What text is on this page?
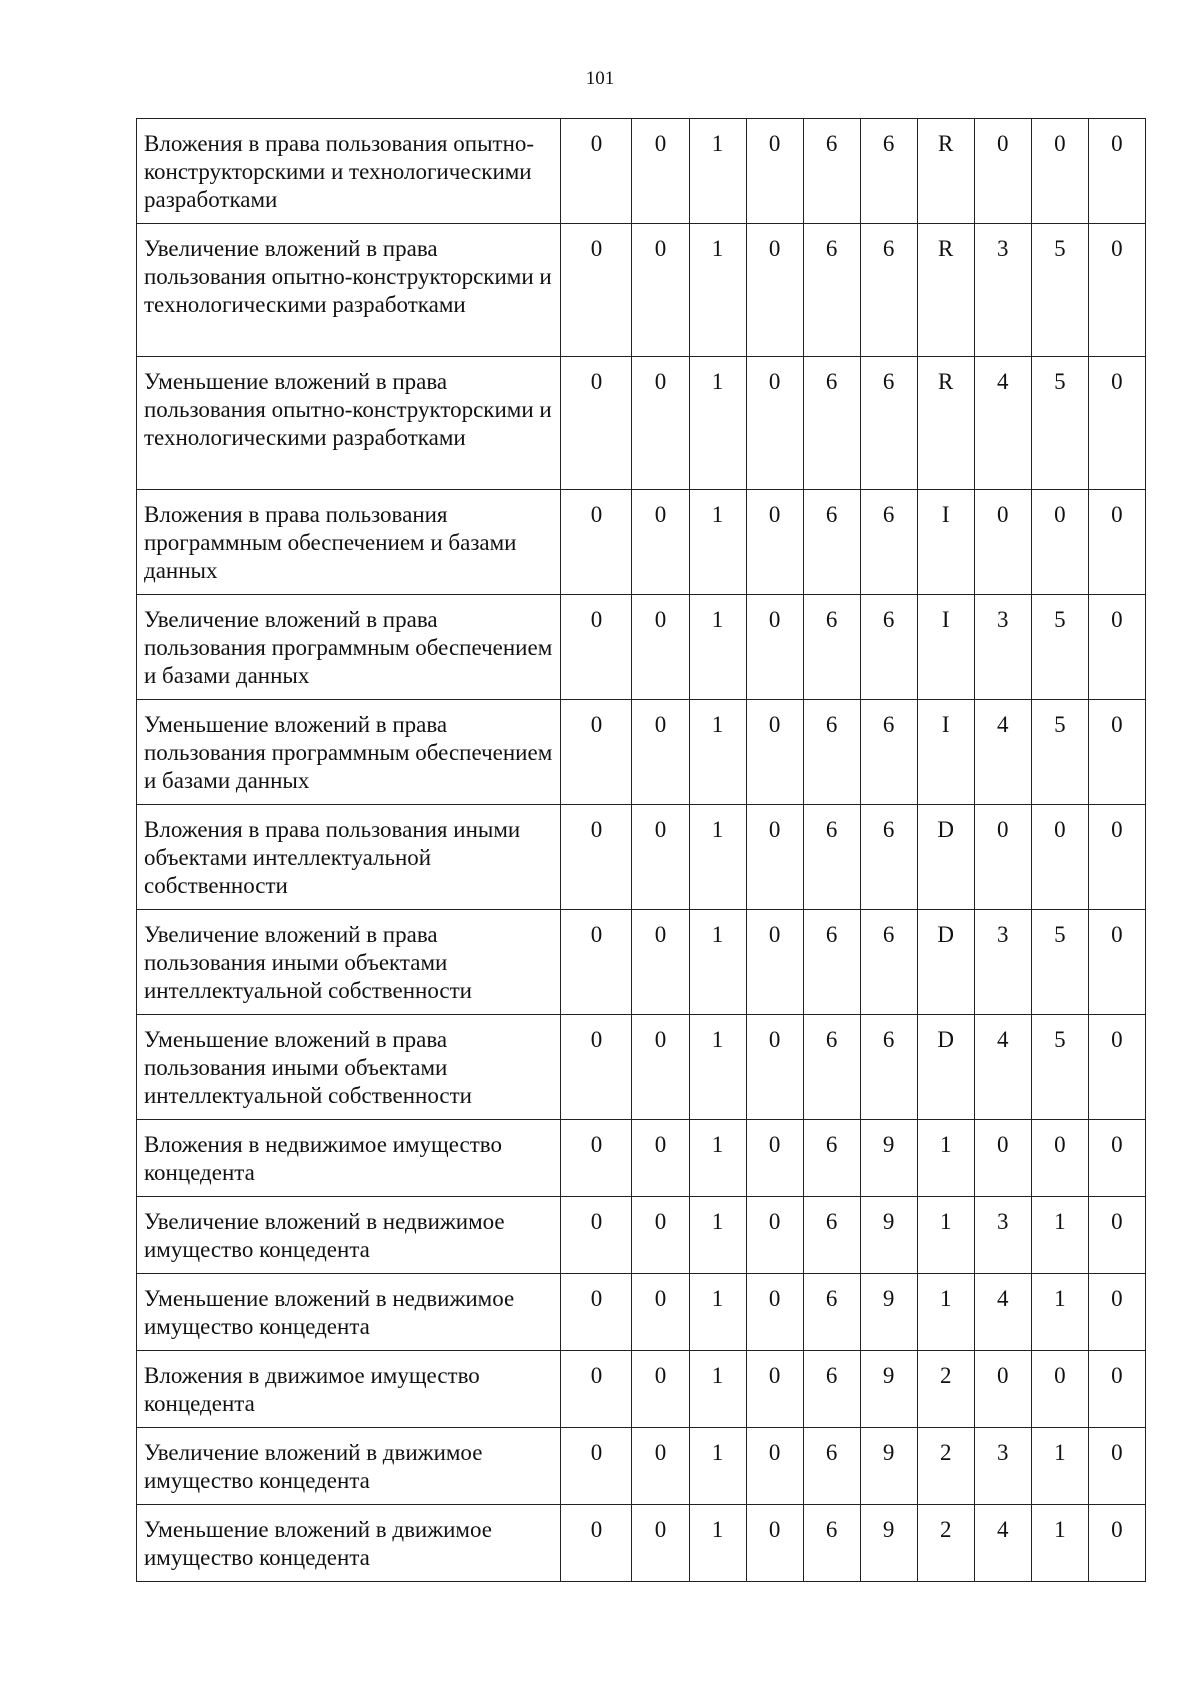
101
Вложения в права пользования опытно-конструкторскими и технологическими разработками	0	0	1	0	6	6	R	0	0	0
Увеличение вложений в права пользования опытно-конструкторскими и технологическими разработками	0	0	1	0	6	6	R	3	5	0
Уменьшение вложений в права пользования опытно-конструкторскими и технологическими разработками	0	0	1	0	6	6	R	4	5	0
Вложения в права пользования программным обеспечением и базами данных	0	0	1	0	6	6	I	0	0	0
Увеличение вложений в права пользования программным обеспечением и базами данных	0	0	1	0	6	6	I	3	5	0
Уменьшение вложений в права пользования программным обеспечением и базами данных	0	0	1	0	6	6	I	4	5	0
Вложения в права пользования иными объектами интеллектуальной собственности	0	0	1	0	6	6	D	0	0	0
Увеличение вложений в права пользования иными объектами интеллектуальной собственности	0	0	1	0	6	6	D	3	5	0
Уменьшение вложений в права пользования иными объектами интеллектуальной собственности	0	0	1	0	6	6	D	4	5	0
Вложения в недвижимое имущество концедента	0	0	1	0	6	9	1	0	0	0
Увеличение вложений в недвижимое имущество концедента	0	0	1	0	6	9	1	3	1	0
Уменьшение вложений в недвижимое имущество концедента	0	0	1	0	6	9	1	4	1	0
Вложения в движимое имущество концедента	0	0	1	0	6	9	2	0	0	0
Увеличение вложений в движимое имущество концедента	0	0	1	0	6	9	2	3	1	0
Уменьшение вложений в движимое имущество концедента	0	0	1	0	6	9	2	4	1	0
